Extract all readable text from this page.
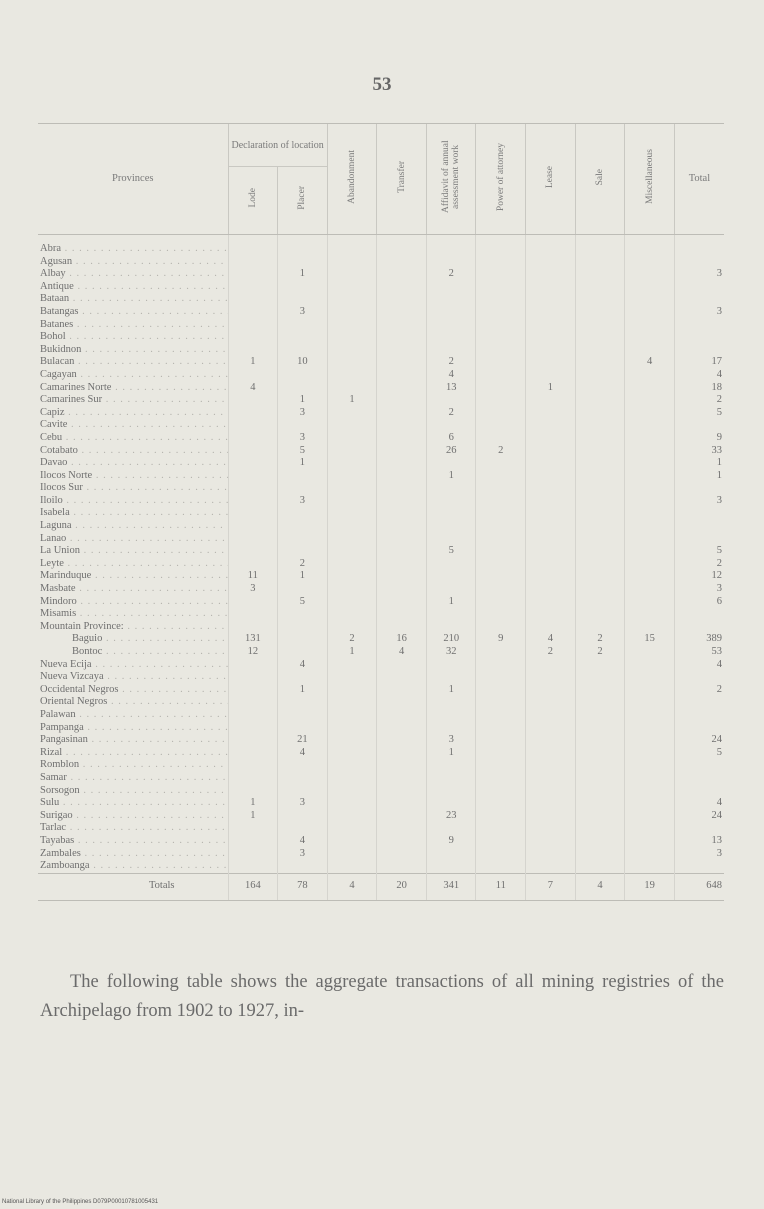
53
Provinces	Declaration of location		Abandonment	Transfer	Affidavit of annual assessment work	Power of attorney	Lease	Sale	Miscellaneous	Total
	Lode	Placer								
Abra . . .										
Agusan . . .										
Albay . . .		1			2					3
Antique . . .										
Bataan . . .										
Batangas . . .		3								3
Batanes . . .										
Bohol . . .										
Bukidnon . . .										
Bulacan . . .	1	10			2				4	17
Cagayan . . .					4					4
Camarines Norte . . .	4				13		1			18
Camarines Sur . . .		1	1							2
Capiz . . .		3			2					5
Cavite . . .										
Cebu . . .		3			6					9
Cotabato . . .		5			26	2				33
Davao . . .		1								1
Ilocos Norte . . .					1					1
Ilocos Sur . . .										
Iloilo . . .		3								3
Isabela . . .										
Laguna . . .										
Lanao . . .										
La Union . . .					5					5
Leyte . . .		2								2
Marinduque . . .	11	1								12
Masbate . . .	3									3
Mindoro . . .		5			1					6
Misamis . . .										
Mountain Province: . . .										
Baguio . . .	131		2	16	210	9	4	2	15	389
Bontoc . . .	12		1	4	32		2	2		53
Nueva Ecija . . .		4								4
Nueva Vizcaya . . .										
Occidental Negros . . .		1			1					2
Oriental Negros . . .										
Palawan . . .										
Pampanga . . .										
Pangasinan . . .		21			3					24
Rizal . . .		4			1					5
Romblon . . .										
Samar . . .										
Sorsogon . . .										
Sulu . . .	1	3								4
Surigao . . .	1				23					24
Tarlac . . .										
Tayabas . . .		4			9					13
Zambales . . .		3								3
Zamboanga . . .										
Totals	164	78	4	20	341	11	7	4	19	648
The following table shows the aggregate transactions of all mining registries of the Archipelago from 1902 to 1927, in-
National Library of the Philippines D079P00010781005431
